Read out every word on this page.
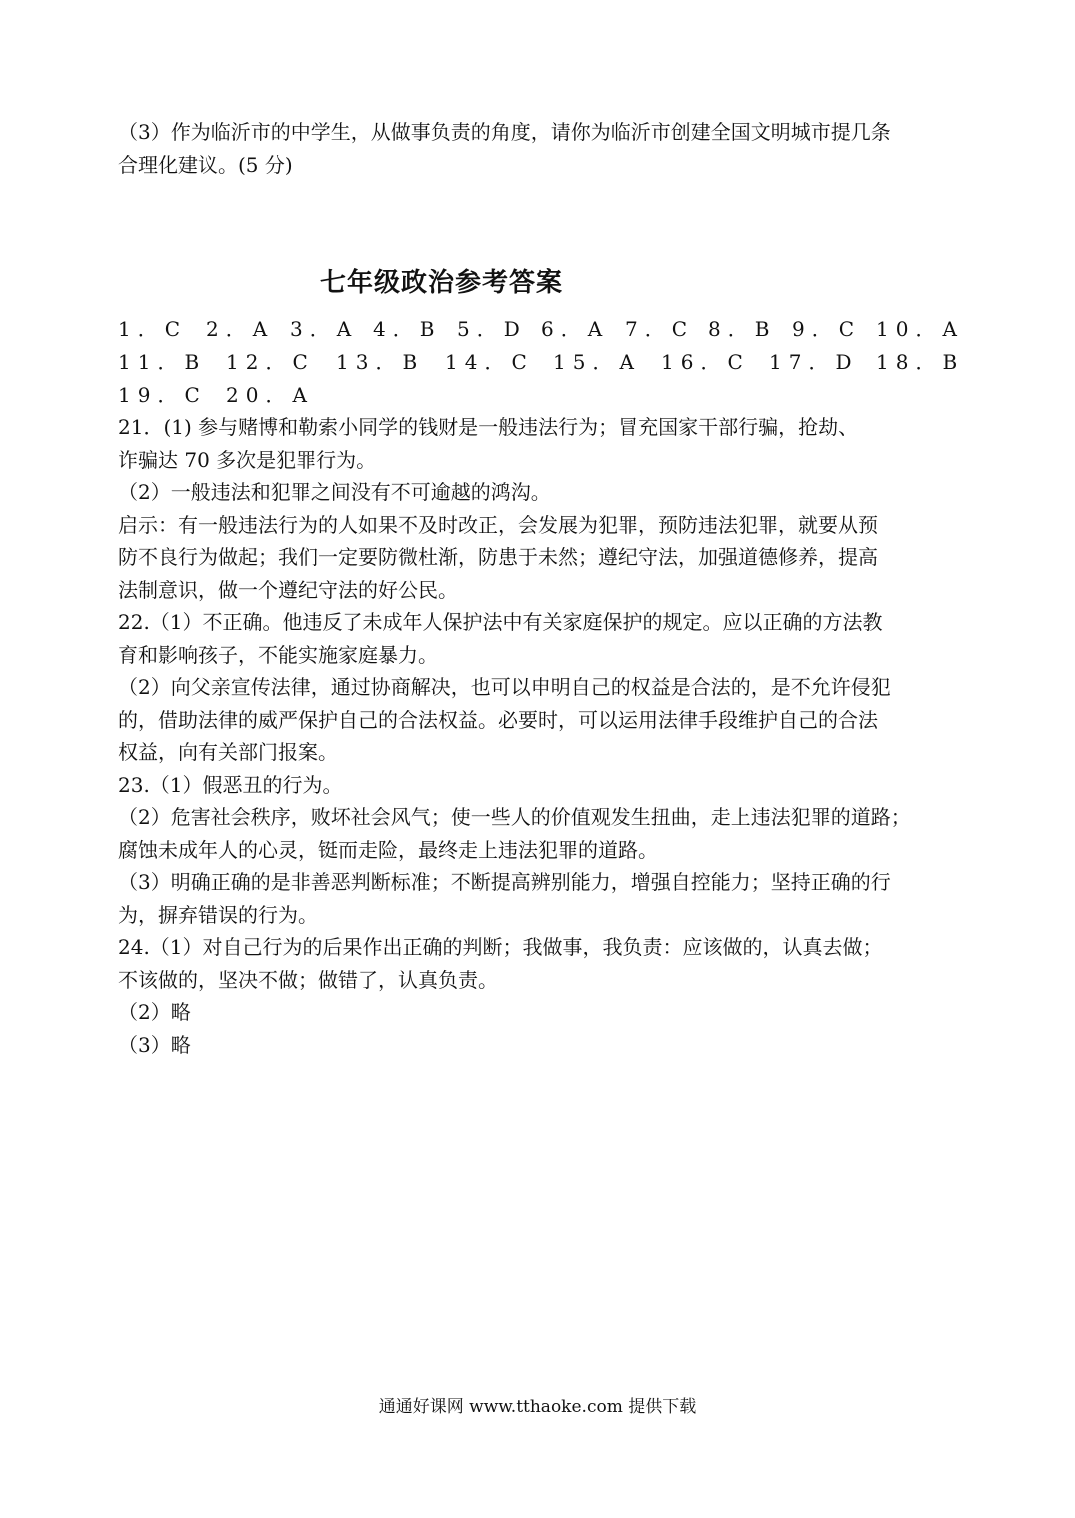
（3）作为临沂市的中学生，从做事负责的角度，请你为临沂市创建全国文明城市提几条
合理化建议。(5 分)
七年级政治参考答案
1．C 2．A 3．A 4．B 5．D 6．A 7．C 8．B 9．C 10．A
11．B 12．C 13．B 14．C 15．A 16．C 17．D 18．B
19．C 20．A
21．(1) 参与赌博和勒索小同学的钱财是一般违法行为；冒充国家干部行骗，抢劫、
诈骗达 70 多次是犯罪行为。
（2）一般违法和犯罪之间没有不可逾越的鸿沟。
启示：有一般违法行为的人如果不及时改正，会发展为犯罪，预防违法犯罪，就要从预
防不良行为做起；我们一定要防微杜渐，防患于未然；遵纪守法，加强道德修养，提高
法制意识，做一个遵纪守法的好公民。
22.（1）不正确。他违反了未成年人保护法中有关家庭保护的规定。应以正确的方法教
育和影响孩子，不能实施家庭暴力。
（2）向父亲宣传法律，通过协商解决，也可以申明自己的权益是合法的，是不允许侵犯
的，借助法律的威严保护自己的合法权益。必要时，可以运用法律手段维护自己的合法
权益，向有关部门报案。
23.（1）假恶丑的行为。
（2）危害社会秩序，败坏社会风气；使一些人的价值观发生扭曲，走上违法犯罪的道路；
腐蚀未成年人的心灵，铤而走险，最终走上违法犯罪的道路。
（3）明确正确的是非善恶判断标准；不断提高辨别能力，增强自控能力；坚持正确的行
为，摒弃错误的行为。
24.（1）对自己行为的后果作出正确的判断；我做事，我负责：应该做的，认真去做；
不该做的，坚决不做；做错了，认真负责。
（2）略
（3）略
通通好课网 www.tthaoke.com 提供下载
